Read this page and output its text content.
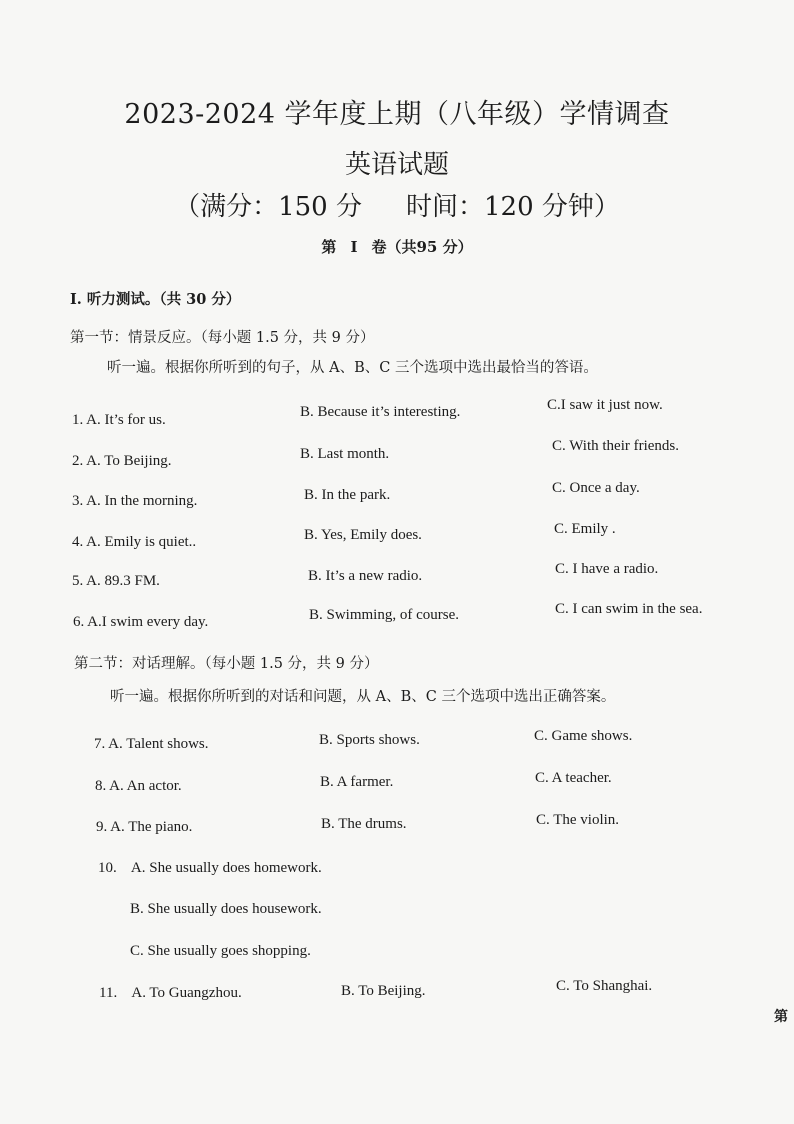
2023-2024 学年度上期（八年级）学情调查
英语试题
（满分：150 分 时间：120 分钟）
第 I 卷（共95 分）
I. 听力测试。（共 30 分）
第一节：情景反应。（每小题 1.5 分，共 9 分）
听一遍。根据你所听到的句子，从 A、B、C 三个选项中选出最恰当的答语。
1. A. It’s for us.	B. Because it’s interesting.	C.I saw it just now.
2. A. To Beijing.	B. Last month.	C. With their friends.
3. A. In the morning.	B. In the park.	C. Once a day.
4. A. Emily is quiet..	B. Yes, Emily does.	C. Emily .
5. A. 89.3 FM.	B. It’s a new radio.	C. I have a radio.
6. A.I swim every day.	B. Swimming, of course.	C. I can swim in the sea.
第二节：对话理解。（每小题 1.5 分，共 9 分）
听一遍。根据你所听到的对话和问题，从 A、B、C 三个选项中选出正确答案。
7. A. Talent shows.	B. Sports shows.	C. Game shows.
8. A. An actor.	B. A farmer.	C. A teacher.
9. A. The piano.	B. The drums.	C. The violin.
10.    A. She usually does homework.
B. She usually does housework.
C. She usually goes shopping.
11.    A. To Guangzhou.	B. To Beijing.	C. To Shanghai.
第
